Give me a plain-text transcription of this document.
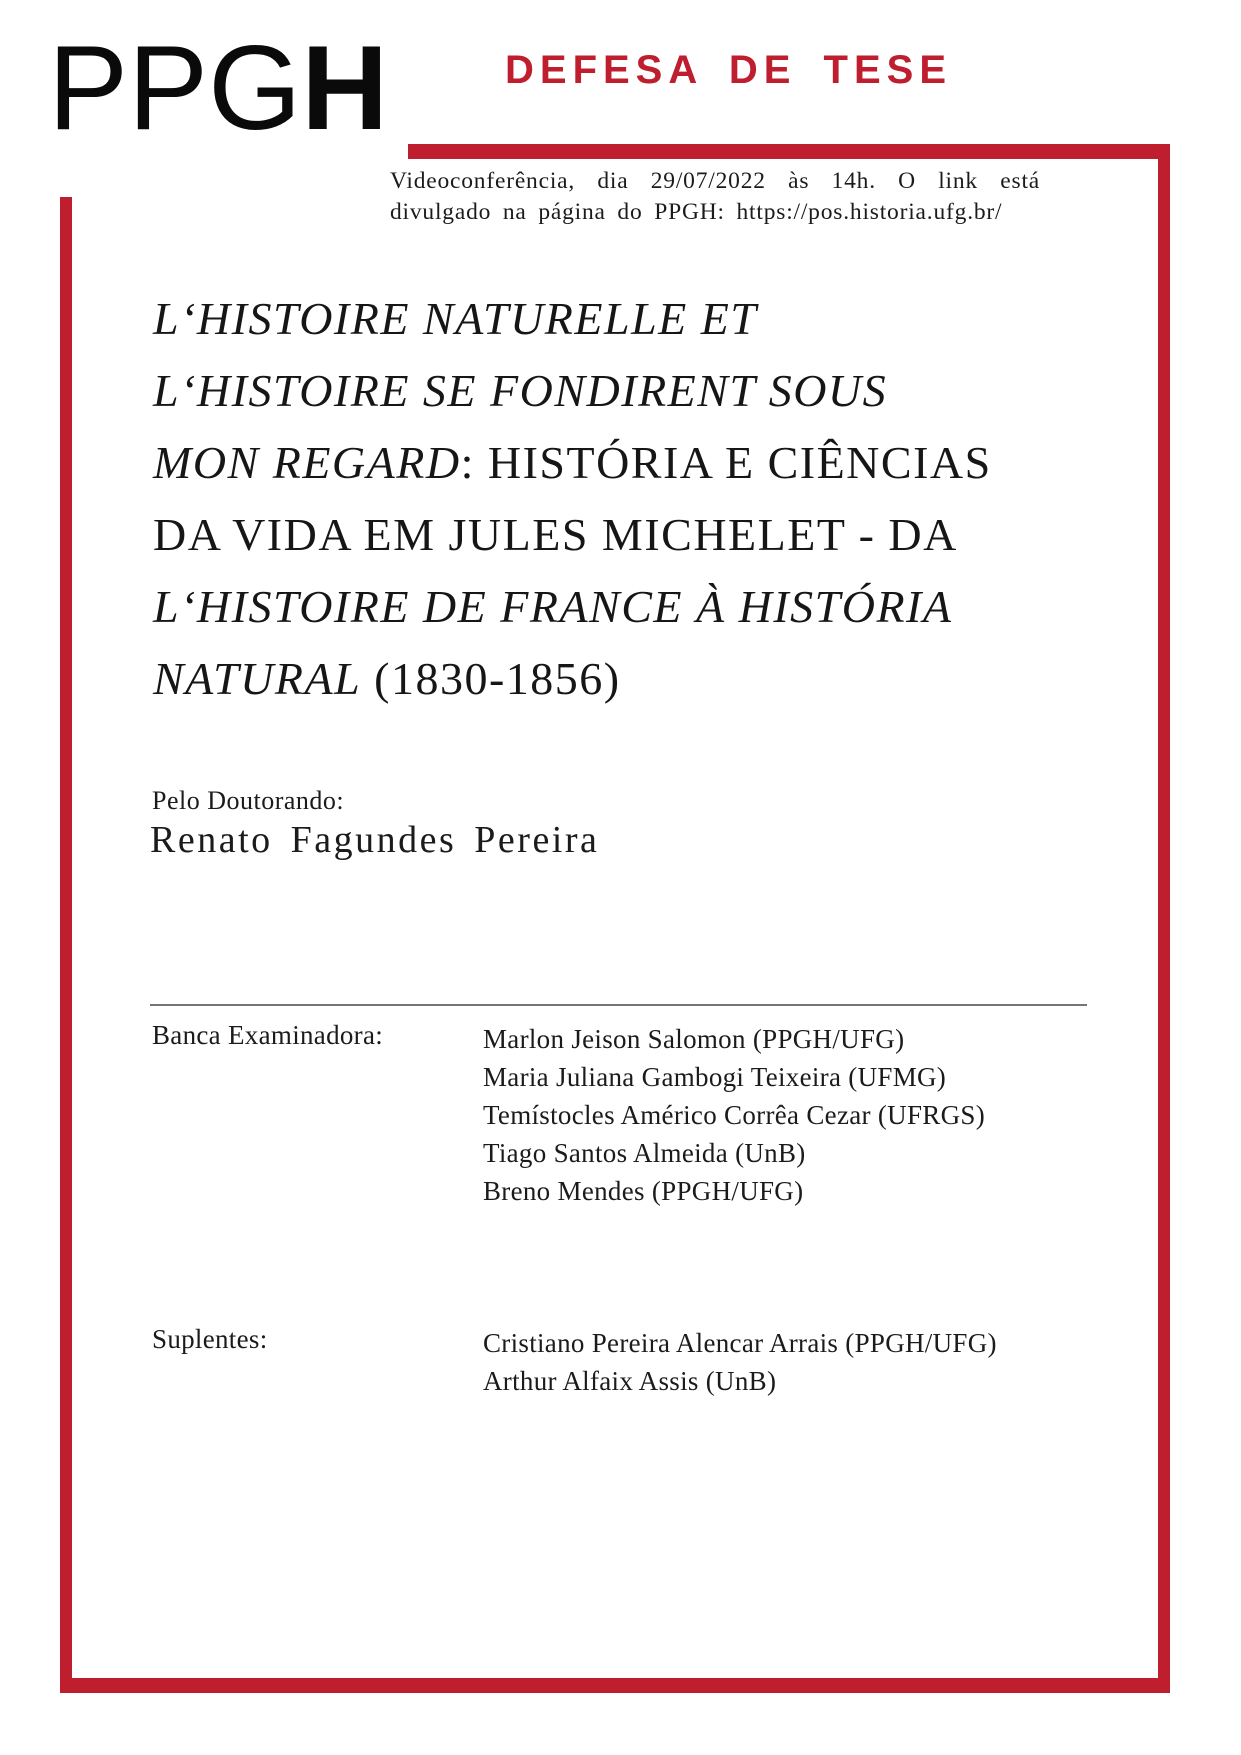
PPGH	DEFESA DE TESE
Videoconferência, dia 29/07/2022 às 14h. O link está
divulgado na página do PPGH: https://pos.historia.ufg.br/
L‘HISTOIRE NATURELLE ET
L‘HISTOIRE SE FONDIRENT SOUS
MON REGARD: HISTÓRIA E CIÊNCIAS
DA VIDA EM JULES MICHELET - DA
L‘HISTOIRE DE FRANCE À HISTÓRIA
NATURAL (1830-1856)
Pelo Doutorando:
Renato Fagundes Pereira
Banca Examinadora:	Marlon Jeison Salomon (PPGH/UFG)
Maria Juliana Gambogi Teixeira (UFMG)
Temístocles Américo Corrêa Cezar (UFRGS)
Tiago Santos Almeida (UnB)
Breno Mendes (PPGH/UFG)
Suplentes:	Cristiano Pereira Alencar Arrais (PPGH/UFG)
Arthur Alfaix Assis (UnB)
